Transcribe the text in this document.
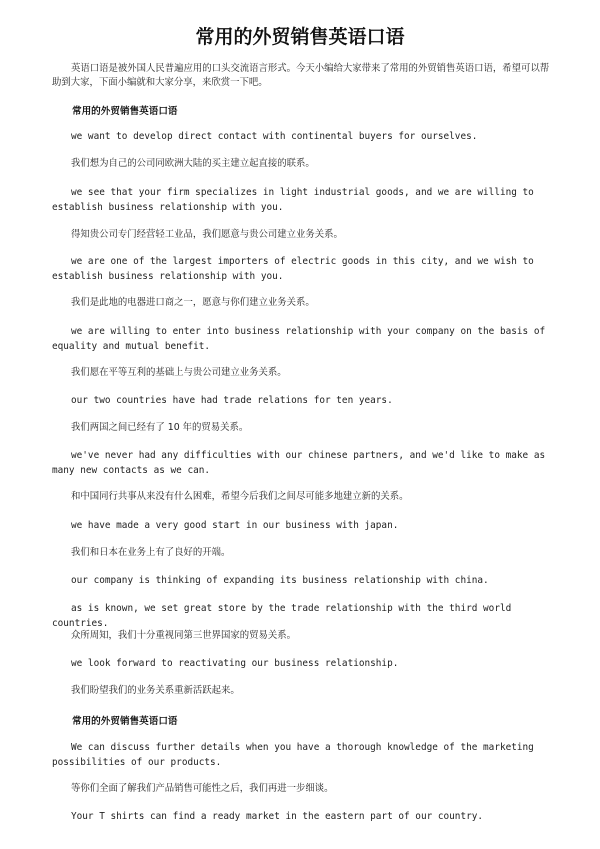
常用的外贸销售英语口语

英语口语是被外国人民普遍应用的口头交流语言形式。今天小编给大家带来了常用的外贸销售英语口语，希望可以帮助到大家，下面小编就和大家分享，来欣赏一下吧。

常用的外贸销售英语口语

we want to develop direct contact with continental buyers for ourselves.

我们想为自己的公司同欧洲大陆的买主建立起直接的联系。

we see that your firm specializes in light industrial goods, and we are willing to establish business relationship with you.

得知贵公司专门经营轻工业品，我们愿意与贵公司建立业务关系。

we are one of the largest importers of electric goods in this city, and we wish to establish business relationship with you.

我们是此地的电器进口商之一，愿意与你们建立业务关系。

we are willing to enter into business relationship with your company on the basis of equality and mutual benefit.

我们愿在平等互利的基础上与贵公司建立业务关系。

our two countries have had trade relations for ten years.

我们两国之间已经有了 10 年的贸易关系。

we've never had any difficulties with our chinese partners, and we'd like to make as many new contacts as we can.

和中国同行共事从来没有什么困难，希望今后我们之间尽可能多地建立新的关系。

we have made a very good start in our business with japan.

我们和日本在业务上有了良好的开端。

our company is thinking of expanding its business relationship with china.

as is known, we set great store by the trade relationship with the third world countries.

众所周知，我们十分重视同第三世界国家的贸易关系。

we look forward to reactivating our business relationship.

我们盼望我们的业务关系重新活跃起来。

常用的外贸销售英语口语

We can discuss further details when you have a thorough knowledge of the marketing possibilities of our products.

等你们全面了解我们产品销售可能性之后，我们再进一步细谈。

Your T shirts can find a ready market in the eastern part of our country.
